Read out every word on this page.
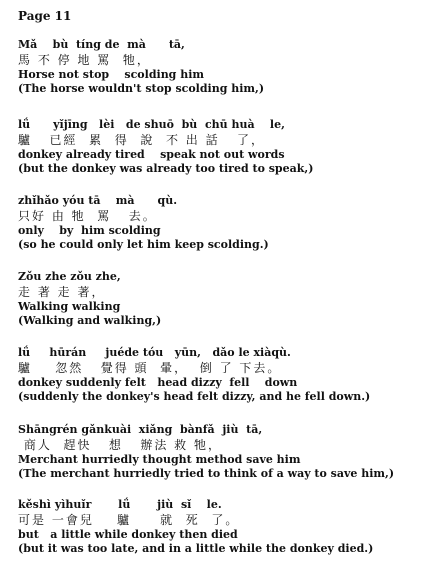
Page 11
Mǎ    bù  tíng de  mà      tā,
馬 不 停 地 罵  牠，
Horse not stop    scolding him
(The horse wouldn't stop scolding him,)
lǘ      yǐjīng   lèi   de shuō  bù  chū huà    le,
驢   已經  累  得  說  不 出 話   了，
donkey already tired    speak not out words
(but the donkey was already too tired to speak,)
zhǐhǎo yóu tā    mà      qù.
只好 由 牠  罵   去。
only    by  him scolding
(so he could only let him keep scolding.)
Zǒu zhe zǒu zhe,
走 著 走 著，
Walking walking
(Walking and walking,)
lǘ     hūrán     juéde tóu   yūn,   dǎo le xiàqù.
驢    忽然   覺得 頭  暈，  倒 了 下去。
donkey suddenly felt   head dizzy  fell    down
(suddenly the donkey's head felt dizzy, and he fell down.)
Shāngrén gǎnkuài  xiǎng  bànfǎ  jiù  tā,
商人  趕快   想   辦法 救 牠，
Merchant hurriedly thought method save him
(The merchant hurriedly tried to think of a way to save him,)
kěshì yìhuǐr       lǘ       jiù  sǐ    le.
可是 一會兒    驢     就  死  了。
but   a little while donkey then died
(but it was too late, and in a little while the donkey died.)
